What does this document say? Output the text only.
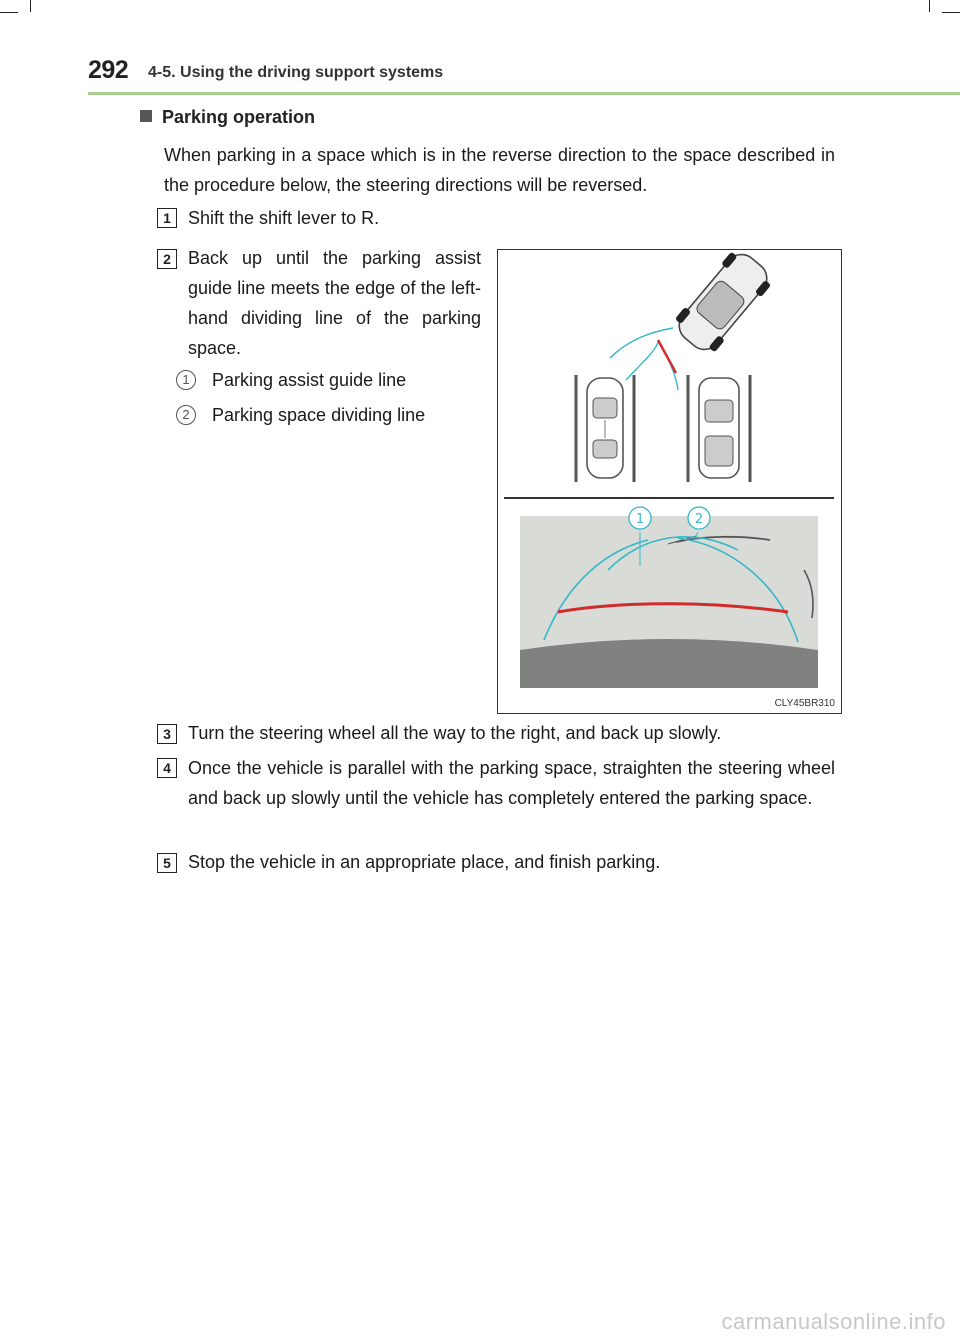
292 4-5. Using the driving support systems
Parking operation
When parking in a space which is in the reverse direction to the space described in the procedure below, the steering directions will be reversed.
1 Shift the shift lever to R.
2 Back up until the parking assist guide line meets the edge of the left-hand dividing line of the parking space.
1	Parking assist guide line
2	Parking space dividing line
1	2
CLY45BR310
3 Turn the steering wheel all the way to the right, and back up slowly.
4 Once the vehicle is parallel with the parking space, straighten the steering wheel and back up slowly until the vehicle has completely entered the parking space.
5 Stop the vehicle in an appropriate place, and finish parking.
carmanualsonline.info
